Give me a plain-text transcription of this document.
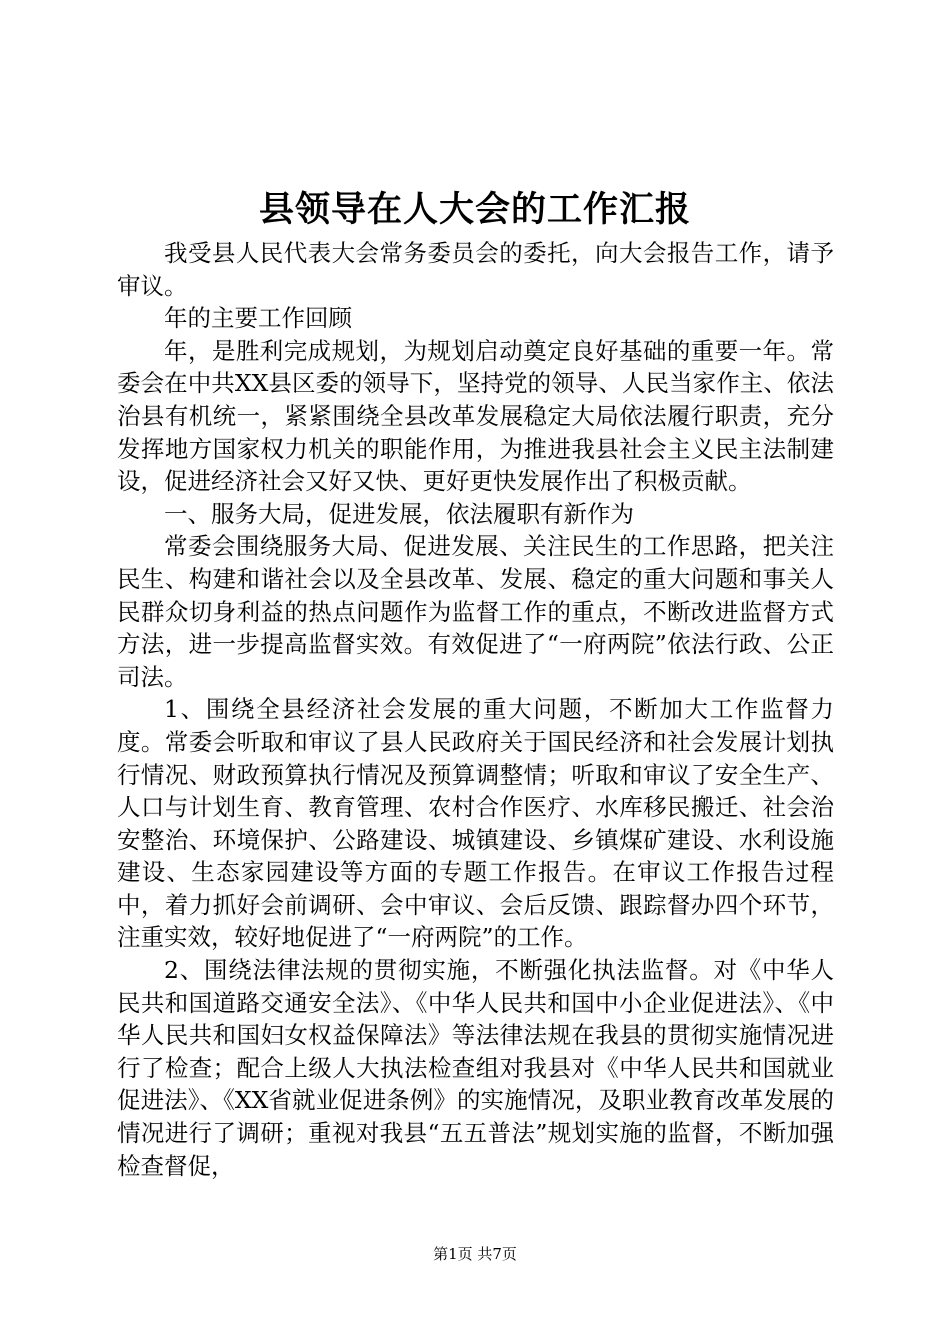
县领导在人大会的工作汇报

我受县人民代表大会常务委员会的委托，向大会报告工作，请予审议。

年的主要工作回顾

年，是胜利完成规划，为规划启动奠定良好基础的重要一年。常委会在中共XX县区委的领导下，坚持党的领导、人民当家作主、依法治县有机统一，紧紧围绕全县改革发展稳定大局依法履行职责，充分发挥地方国家权力机关的职能作用，为推进我县社会主义民主法制建设，促进经济社会又好又快、更好更快发展作出了积极贡献。

一、服务大局，促进发展，依法履职有新作为

常委会围绕服务大局、促进发展、关注民生的工作思路，把关注民生、构建和谐社会以及全县改革、发展、稳定的重大问题和事关人民群众切身利益的热点问题作为监督工作的重点，不断改进监督方式方法，进一步提高监督实效。有效促进了“一府两院”依法行政、公正司法。

1、围绕全县经济社会发展的重大问题，不断加大工作监督力度。常委会听取和审议了县人民政府关于国民经济和社会发展计划执行情况、财政预算执行情况及预算调整情；听取和审议了安全生产、人口与计划生育、教育管理、农村合作医疗、水库移民搬迁、社会治安整治、环境保护、公路建设、城镇建设、乡镇煤矿建设、水利设施建设、生态家园建设等方面的专题工作报告。在审议工作报告过程中，着力抓好会前调研、会中审议、会后反馈、跟踪督办四个环节，注重实效，较好地促进了“一府两院”的工作。

2、围绕法律法规的贯彻实施，不断强化执法监督。对《中华人民共和国道路交通安全法》、《中华人民共和国中小企业促进法》、《中华人民共和国妇女权益保障法》等法律法规在我县的贯彻实施情况进行了检查；配合上级人大执法检查组对我县对《中华人民共和国就业促进法》、《XX省就业促进条例》的实施情况，及职业教育改革发展的情况进行了调研；重视对我县“五五普法”规划实施的监督，不断加强检查督促，

第1页 共7页
